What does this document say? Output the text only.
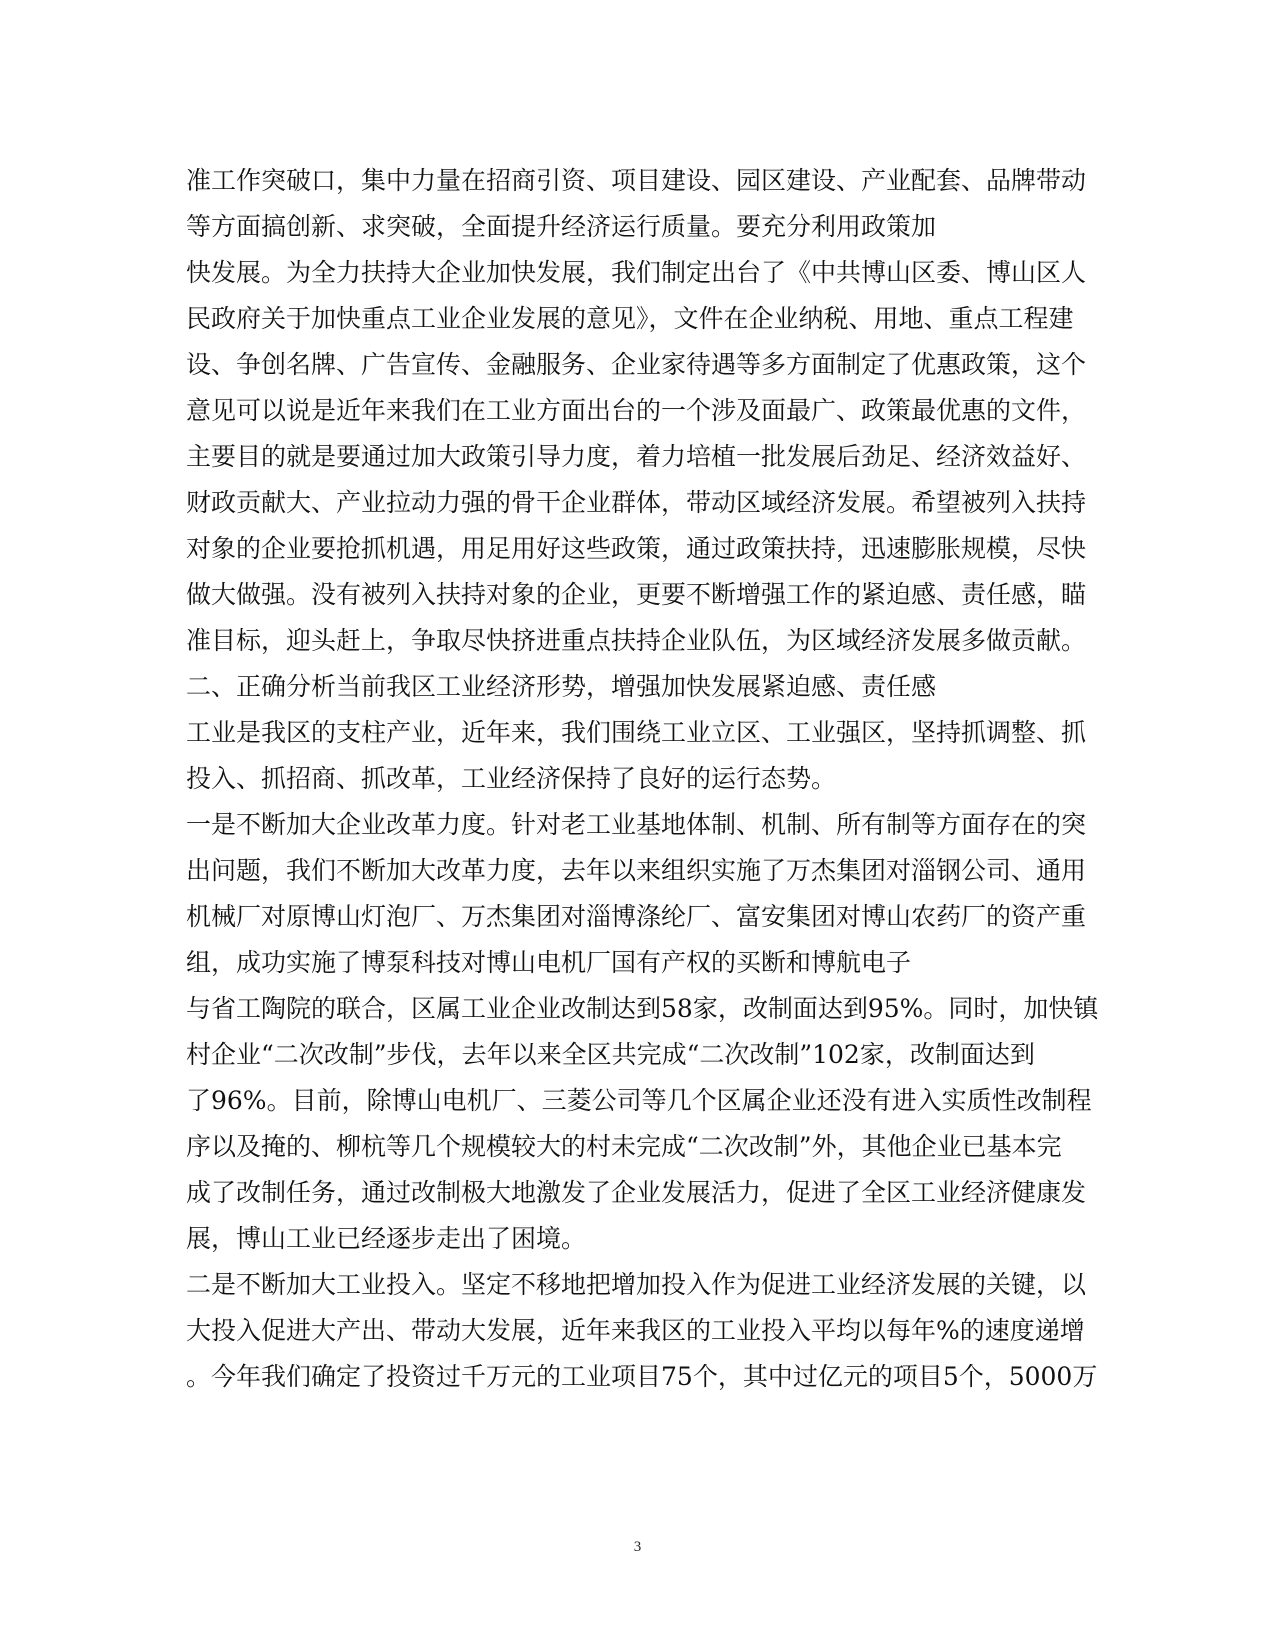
准工作突破口，集中力量在招商引资、项目建设、园区建设、产业配套、品牌带动
等方面搞创新、求突破，全面提升经济运行质量。要充分利用政策加
快发展。为全力扶持大企业加快发展，我们制定出台了《中共博山区委、博山区人
民政府关于加快重点工业企业发展的意见》，文件在企业纳税、用地、重点工程建
设、争创名牌、广告宣传、金融服务、企业家待遇等多方面制定了优惠政策，这个
意见可以说是近年来我们在工业方面出台的一个涉及面最广、政策最优惠的文件，
主要目的就是要通过加大政策引导力度，着力培植一批发展后劲足、经济效益好、
财政贡献大、产业拉动力强的骨干企业群体，带动区域经济发展。希望被列入扶持
对象的企业要抢抓机遇，用足用好这些政策，通过政策扶持，迅速膨胀规模，尽快
做大做强。没有被列入扶持对象的企业，更要不断增强工作的紧迫感、责任感，瞄
准目标，迎头赶上，争取尽快挤进重点扶持企业队伍，为区域经济发展多做贡献。
二、正确分析当前我区工业经济形势，增强加快发展紧迫感、责任感
工业是我区的支柱产业，近年来，我们围绕工业立区、工业强区，坚持抓调整、抓
投入、抓招商、抓改革，工业经济保持了良好的运行态势。
一是不断加大企业改革力度。针对老工业基地体制、机制、所有制等方面存在的突
出问题，我们不断加大改革力度，去年以来组织实施了万杰集团对淄钢公司、通用
机械厂对原博山灯泡厂、万杰集团对淄博涤纶厂、富安集团对博山农药厂的资产重
组，成功实施了博泵科技对博山电机厂国有产权的买断和博航电子
与省工陶院的联合，区属工业企业改制达到58家，改制面达到95%。同时，加快镇
村企业“二次改制”步伐，去年以来全区共完成“二次改制”102家，改制面达到
了96%。目前，除博山电机厂、三菱公司等几个区属企业还没有进入实质性改制程
序以及掩的、柳杭等几个规模较大的村未完成“二次改制”外，其他企业已基本完
成了改制任务，通过改制极大地激发了企业发展活力，促进了全区工业经济健康发
展，博山工业已经逐步走出了困境。
二是不断加大工业投入。坚定不移地把增加投入作为促进工业经济发展的关键，以
大投入促进大产出、带动大发展，近年来我区的工业投入平均以每年%的速度递增
。今年我们确定了投资过千万元的工业项目75个，其中过亿元的项目5个，5000万
3
